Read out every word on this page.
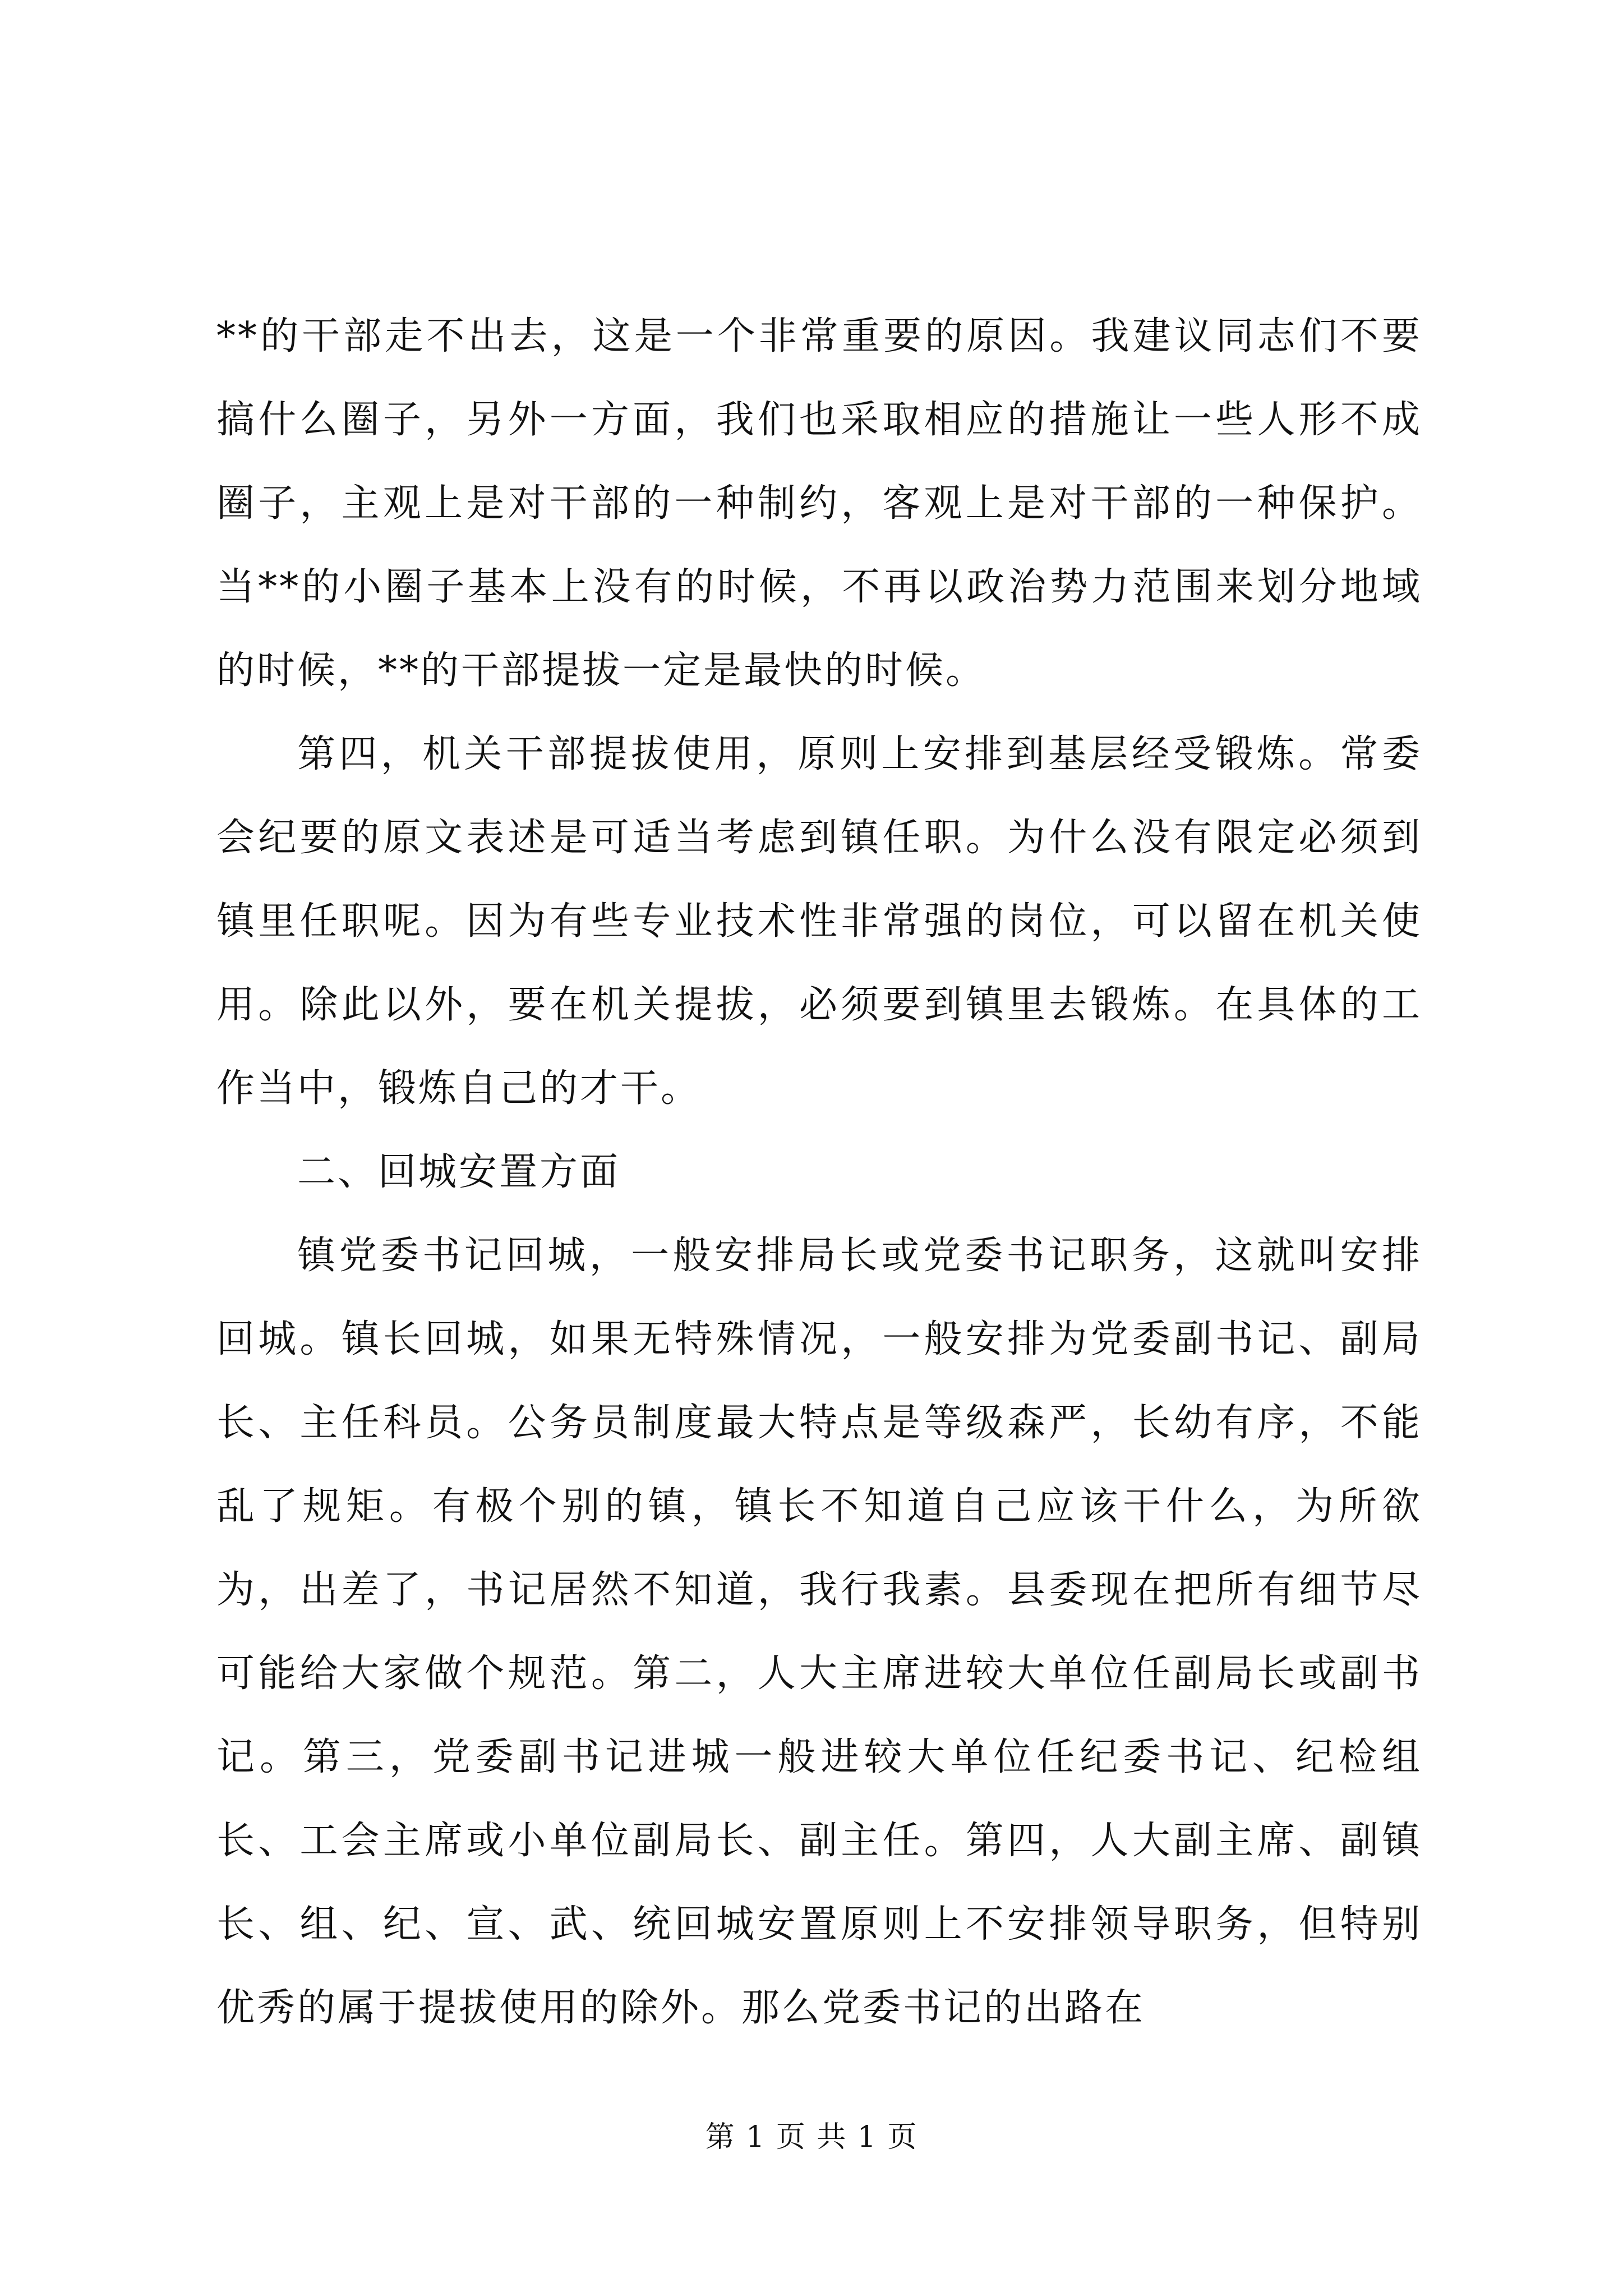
**的干部走不出去，这是一个非常重要的原因。我建议同志们不要搞什么圈子，另外一方面，我们也采取相应的措施让一些人形不成圈子，主观上是对干部的一种制约，客观上是对干部的一种保护。当**的小圈子基本上没有的时候，不再以政治势力范围来划分地域的时候，**的干部提拔一定是最快的时候。

第四，机关干部提拔使用，原则上安排到基层经受锻炼。常委会纪要的原文表述是可适当考虑到镇任职。为什么没有限定必须到镇里任职呢。因为有些专业技术性非常强的岗位，可以留在机关使用。除此以外，要在机关提拔，必须要到镇里去锻炼。在具体的工作当中，锻炼自己的才干。

二、回城安置方面

镇党委书记回城，一般安排局长或党委书记职务，这就叫安排回城。镇长回城，如果无特殊情况，一般安排为党委副书记、副局长、主任科员。公务员制度最大特点是等级森严，长幼有序，不能乱了规矩。有极个别的镇，镇长不知道自己应该干什么，为所欲为，出差了，书记居然不知道，我行我素。县委现在把所有细节尽可能给大家做个规范。第二，人大主席进较大单位任副局长或副书记。第三，党委副书记进城一般进较大单位任纪委书记、纪检组长、工会主席或小单位副局长、副主任。第四，人大副主席、副镇长、组、纪、宣、武、统回城安置原则上不安排领导职务，但特别优秀的属于提拔使用的除外。那么党委书记的出路在

第 1 页 共 1 页
